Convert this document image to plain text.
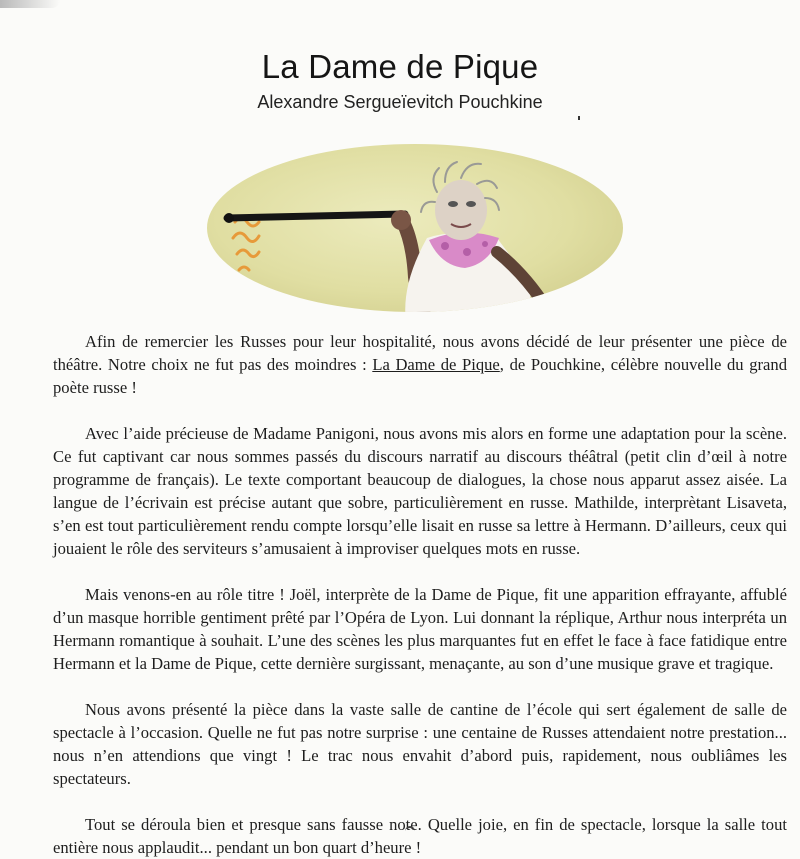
La Dame de Pique
Alexandre Sergueïevitch Pouchkine

Afin de remercier les Russes pour leur hospitalité, nous avons décidé de leur présenter une pièce de théâtre. Notre choix ne fut pas des moindres : La Dame de Pique, de Pouchkine, célèbre nouvelle du grand poète russe !

Avec l’aide précieuse de Madame Panigoni, nous avons mis alors en forme une adaptation pour la scène. Ce fut captivant car nous sommes passés du discours narratif au discours théâtral (petit clin d’œil à notre programme de français). Le texte comportant beaucoup de dialogues, la chose nous apparut assez aisée. La langue de l’écrivain est précise autant que sobre, particulièrement en russe. Mathilde, interprètant Lisaveta, s’en est tout particulièrement rendu compte lorsqu’elle lisait en russe sa lettre à Hermann. D’ailleurs, ceux qui jouaient le rôle des serviteurs s’amusaient à improviser quelques mots en russe.

Mais venons-en au rôle titre ! Joël, interprète de la Dame de Pique, fit une apparition effrayante, affublé d’un masque horrible gentiment prêté par l’Opéra de Lyon. Lui donnant la réplique, Arthur nous interpréta un Hermann romantique à souhait. L’une des scènes les plus marquantes fut en effet le face à face fatidique entre Hermann et la Dame de Pique, cette dernière surgissant, menaçante, au son d’une musique grave et tragique.

Nous avons présenté la pièce dans la vaste salle de cantine de l’école qui sert également de salle de spectacle à l’occasion. Quelle ne fut pas notre surprise : une centaine de Russes attendaient notre prestation... nous n’en attendions que vingt ! Le trac nous envahit d’abord puis, rapidement, nous oubliâmes les spectateurs.

Tout se déroula bien et presque sans fausse note. Quelle joie, en fin de spectacle, lorsque la salle tout entière nous applaudit... pendant un bon quart d’heure !
